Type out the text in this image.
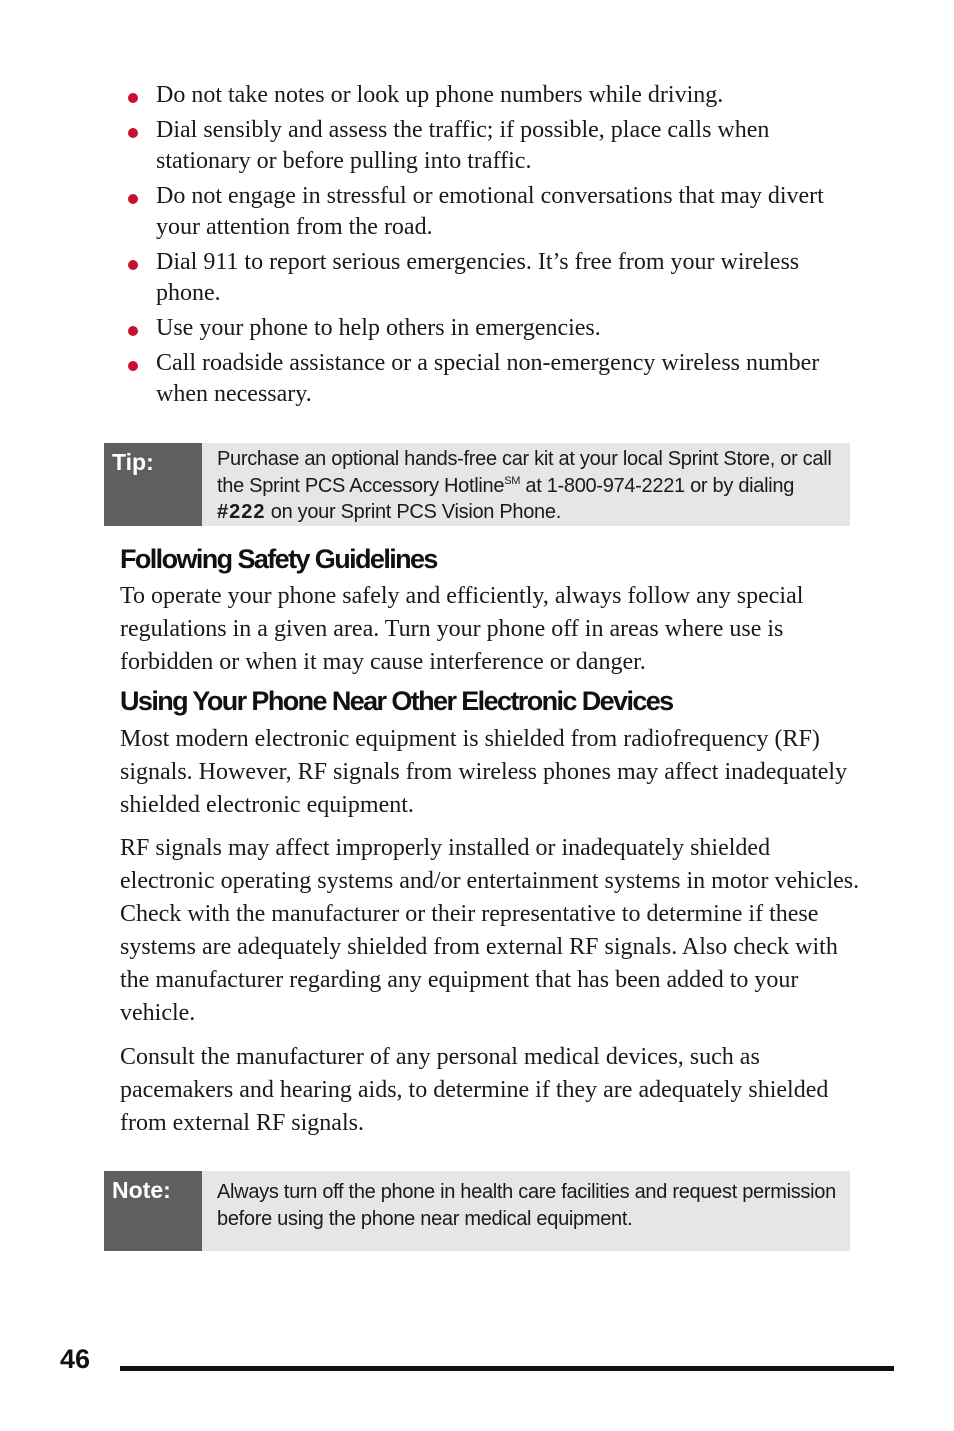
Do not take notes or look up phone numbers while driving.
Dial sensibly and assess the traffic; if possible, place calls when stationary or before pulling into traffic.
Do not engage in stressful or emotional conversations that may divert your attention from the road.
Dial 911 to report serious emergencies. It’s free from your wireless phone.
Use your phone to help others in emergencies.
Call roadside assistance or a special non-emergency wireless number when necessary.
Tip:	Purchase an optional hands-free car kit at your local Sprint Store, or call the Sprint PCS Accessory Hotline℠ at 1-800-974-2221 or by dialing #222 on your Sprint PCS Vision Phone.
Following Safety Guidelines

To operate your phone safely and efficiently, always follow any special regulations in a given area. Turn your phone off in areas where use is forbidden or when it may cause interference or danger.

Using Your Phone Near Other Electronic Devices

Most modern electronic equipment is shielded from radiofrequency (RF) signals. However, RF signals from wireless phones may affect inadequately shielded electronic equipment.

RF signals may affect improperly installed or inadequately shielded electronic operating systems and/or entertainment systems in motor vehicles. Check with the manufacturer or their representative to determine if these systems are adequately shielded from external RF signals. Also check with the manufacturer regarding any equipment that has been added to your vehicle.

Consult the manufacturer of any personal medical devices, such as pacemakers and hearing aids, to determine if they are adequately shielded from external RF signals.

Note:	Always turn off the phone in health care facilities and request permission before using the phone near medical equipment.
46
